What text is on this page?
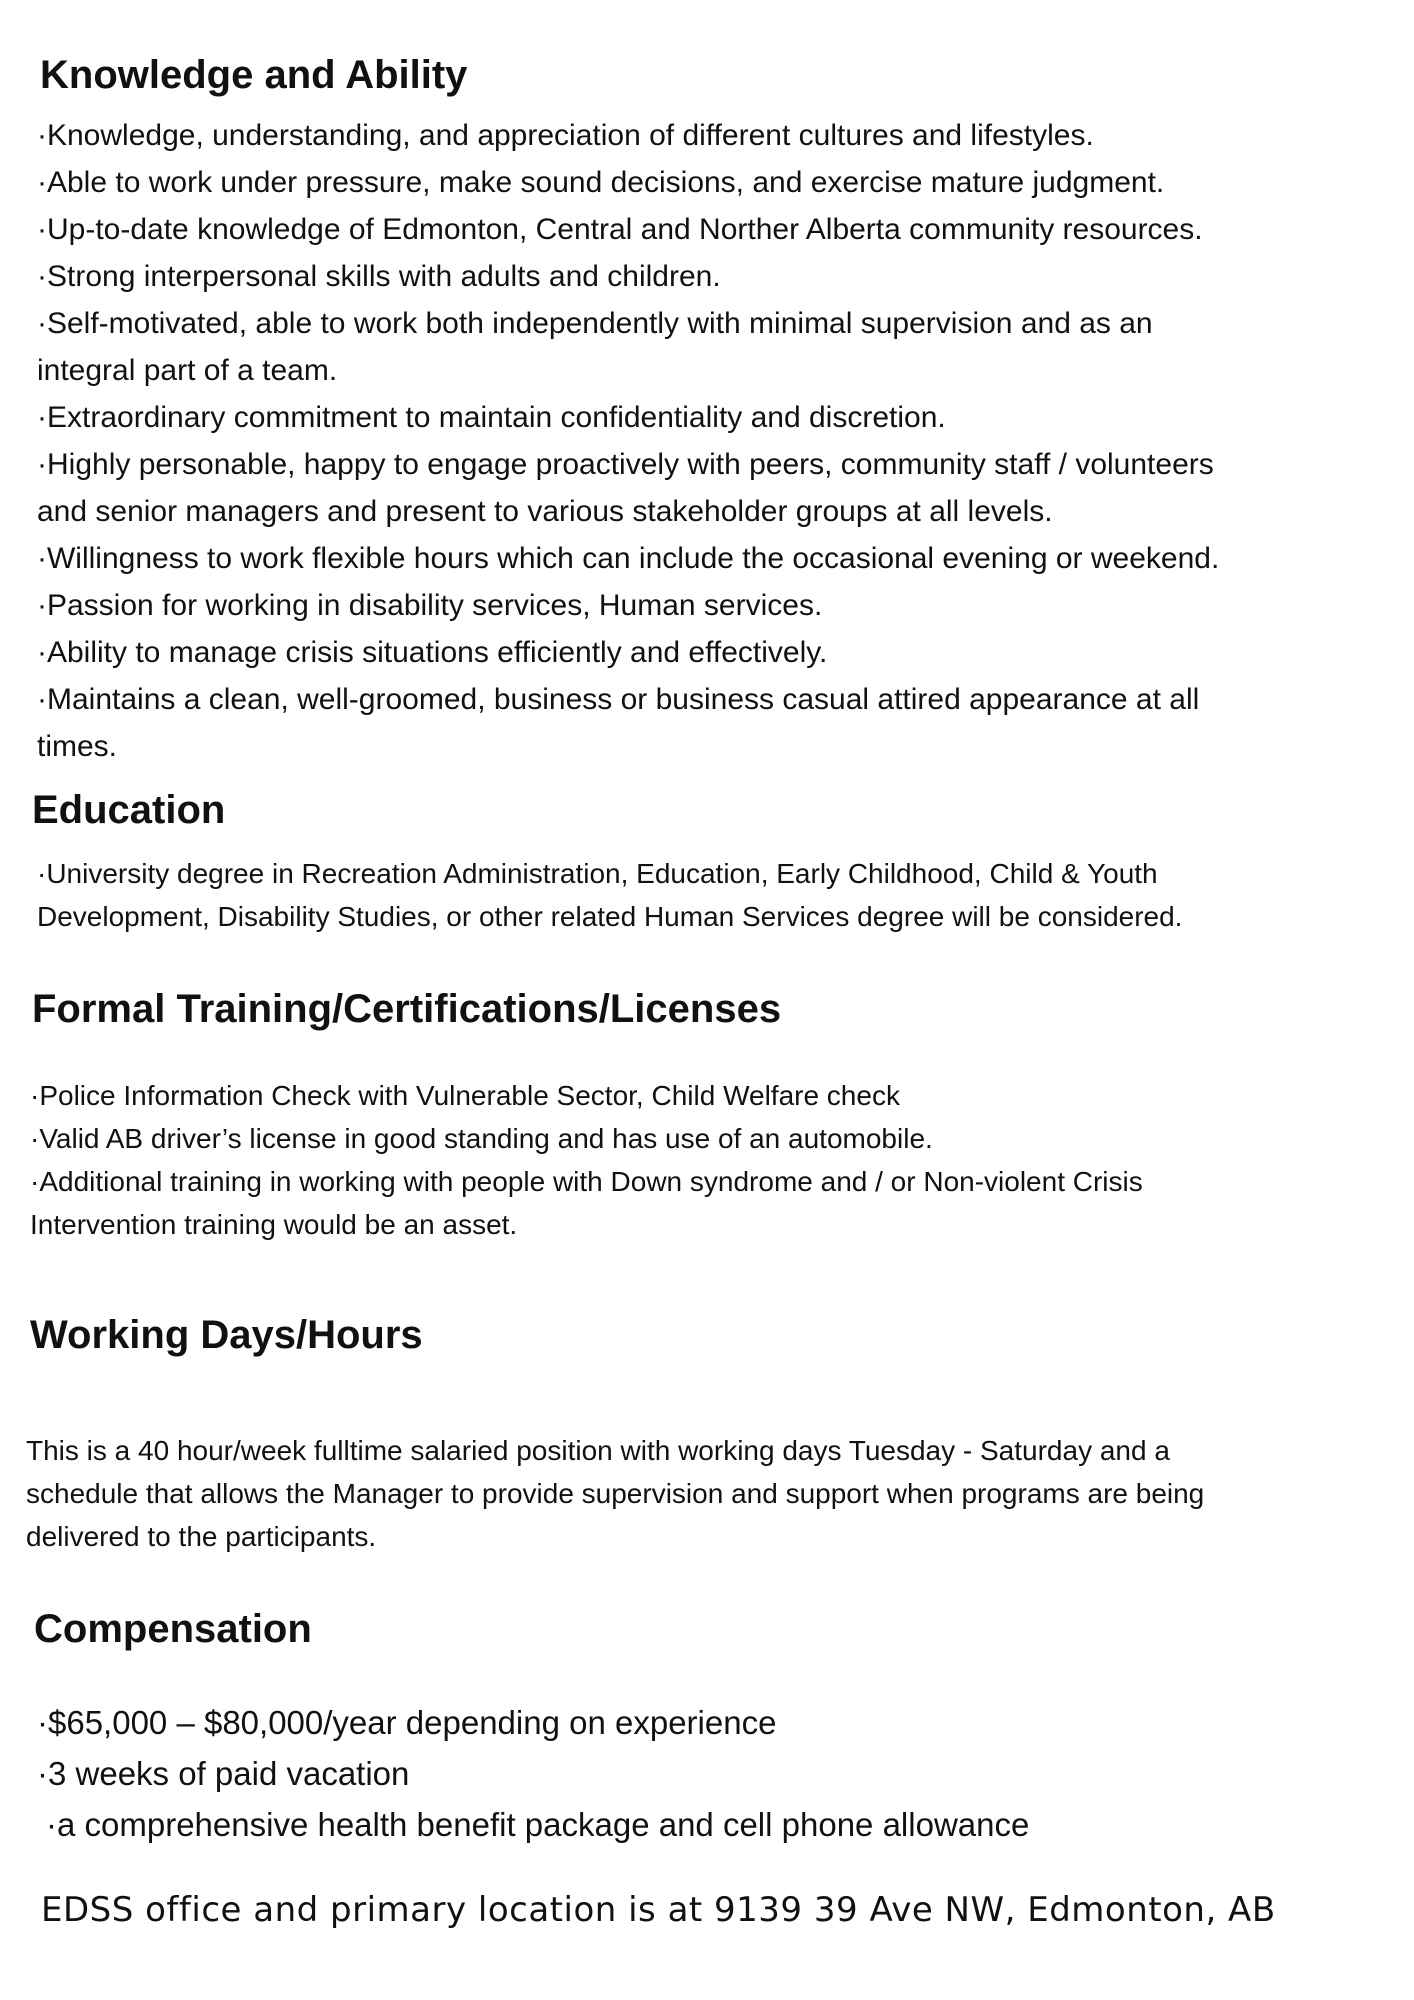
Knowledge and Ability
·Knowledge, understanding, and appreciation of different cultures and lifestyles.
·Able to work under pressure, make sound decisions, and exercise mature judgment.
·Up-to-date knowledge of Edmonton, Central and Norther Alberta community resources.
·Strong interpersonal skills with adults and children.
·Self-motivated, able to work both independently with minimal supervision and as an
integral part of a team.
·Extraordinary commitment to maintain confidentiality and discretion.
·Highly personable, happy to engage proactively with peers, community staff / volunteers
and senior managers and present to various stakeholder groups at all levels.
·Willingness to work flexible hours which can include the occasional evening or weekend.
·Passion for working in disability services, Human services.
·Ability to manage crisis situations efficiently and effectively.
·Maintains a clean, well-groomed, business or business casual attired appearance at all
times.
Education
·University degree in Recreation Administration, Education, Early Childhood, Child & Youth
Development, Disability Studies, or other related Human Services degree will be considered.
Formal Training/Certifications/Licenses
·Police Information Check with Vulnerable Sector, Child Welfare check
·Valid AB driver’s license in good standing and has use of an automobile.
·Additional training in working with people with Down syndrome and / or Non-violent Crisis
Intervention training would be an asset.
Working Days/Hours

This is a 40 hour/week fulltime salaried position with working days Tuesday - Saturday and a
schedule that allows the Manager to provide supervision and support when programs are being
delivered to the participants.

Compensation
·$65,000 – $80,000/year depending on experience
·3 weeks of paid vacation
·a comprehensive health benefit package and cell phone allowance

EDSS office and primary location is at 9139 39 Ave NW, Edmonton, AB
